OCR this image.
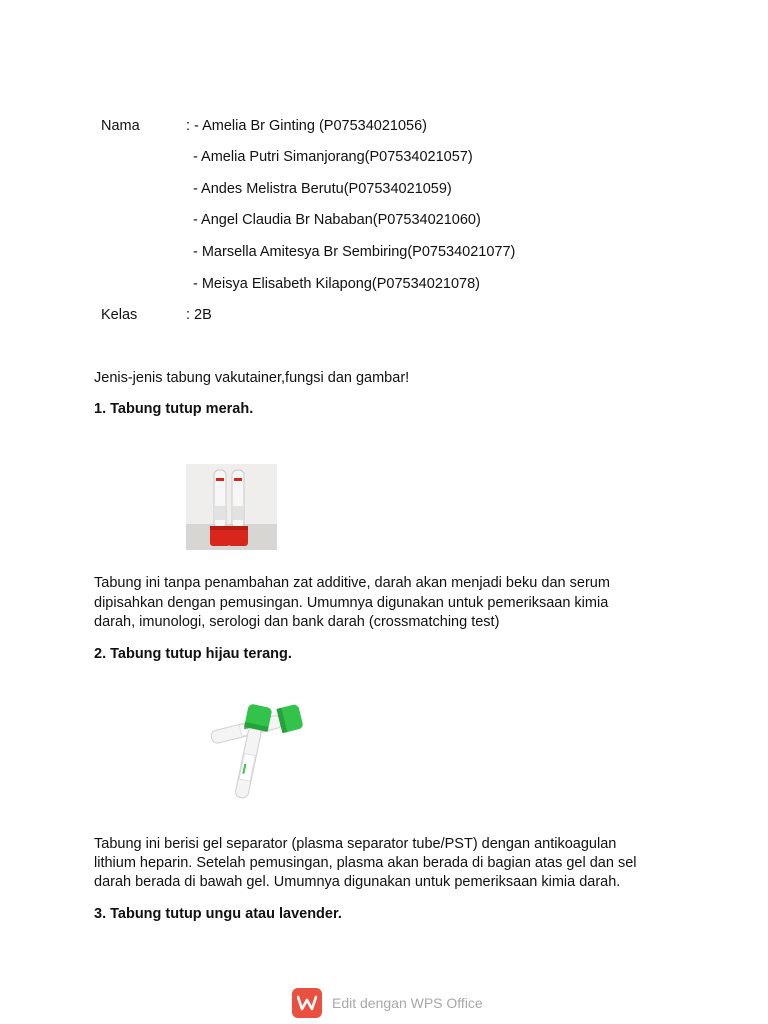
Nama	: - Amelia Br Ginting (P07534021056)

- Amelia Putri Simanjorang(P07534021057)

- Andes Melistra Berutu(P07534021059)

- Angel Claudia Br Nababan(P07534021060)

- Marsella Amitesya Br Sembiring(P07534021077)

- Meisya Elisabeth Kilapong(P07534021078)

Kelas	: 2B

Jenis-jenis tabung vakutainer,fungsi dan gambar!

1. Tabung tutup merah.

Tabung ini tanpa penambahan zat additive, darah akan menjadi beku dan serum

dipisahkan dengan pemusingan. Umumnya digunakan untuk pemeriksaan kimia

darah, imunologi, serologi dan bank darah (crossmatching test)

2. Tabung tutup hijau terang.

Tabung ini berisi gel separator (plasma separator tube/PST) dengan antikoagulan

lithium heparin. Setelah pemusingan, plasma akan berada di bagian atas gel dan sel

darah berada di bawah gel. Umumnya digunakan untuk pemeriksaan kimia darah.

3. Tabung tutup ungu atau lavender.

Edit dengan WPS Office
